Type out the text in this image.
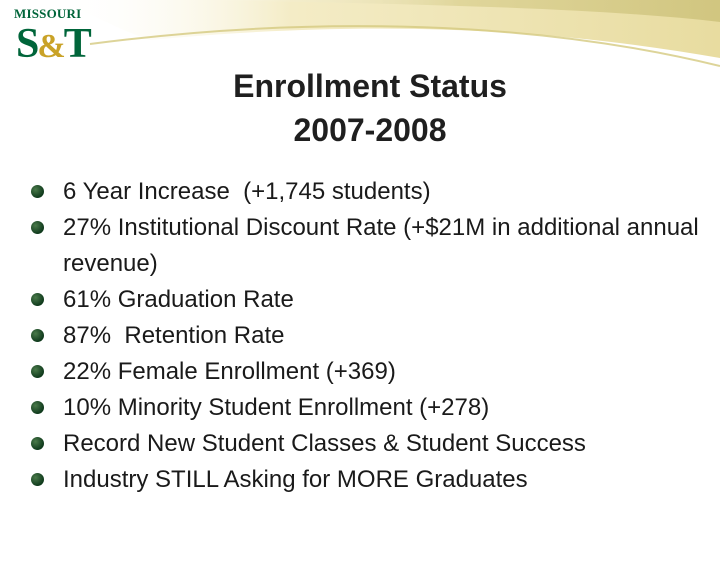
MISSOURI
S&T
Enrollment Status
2007-2008
6 Year Increase  (+1,745 students)
27% Institutional Discount Rate (+$21M in additional annual revenue)
61% Graduation Rate
87%  Retention Rate
22% Female Enrollment (+369)
10% Minority Student Enrollment (+278)
Record New Student Classes & Student Success
Industry STILL Asking for MORE Graduates
